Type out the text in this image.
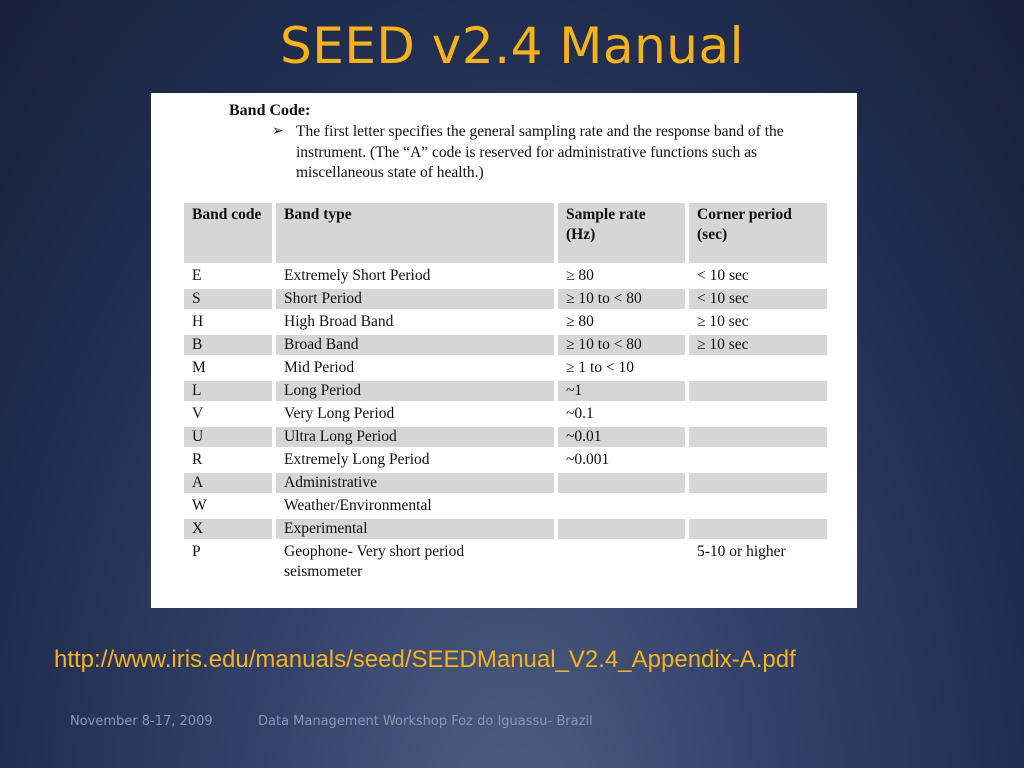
SEED v2.4 Manual
Band Code:
➢ The first letter specifies the general sampling rate and the response band of the instrument. (The “A” code is reserved for administrative functions such as miscellaneous state of health.)
Band code	Band type	Sample rate (Hz)	Corner period (sec)
E	Extremely Short Period	≥ 80	< 10 sec
S	Short Period	≥ 10 to < 80	< 10 sec
H	High Broad Band	≥ 80	≥ 10 sec
B	Broad Band	≥ 10 to < 80	≥ 10 sec
M	Mid Period	≥ 1 to < 10	
L	Long Period	~1	
V	Very Long Period	~0.1	
U	Ultra Long Period	~0.01	
R	Extremely Long Period	~0.001	
A	Administrative		
W	Weather/Environmental		
X	Experimental		
P	Geophone- Very short period seismometer		5-10 or higher
http://www.iris.edu/manuals/seed/SEEDManual_V2.4_Appendix-A.pdf
November 8-17, 2009	Data Management Workshop Foz do Iguassu- Brazil
